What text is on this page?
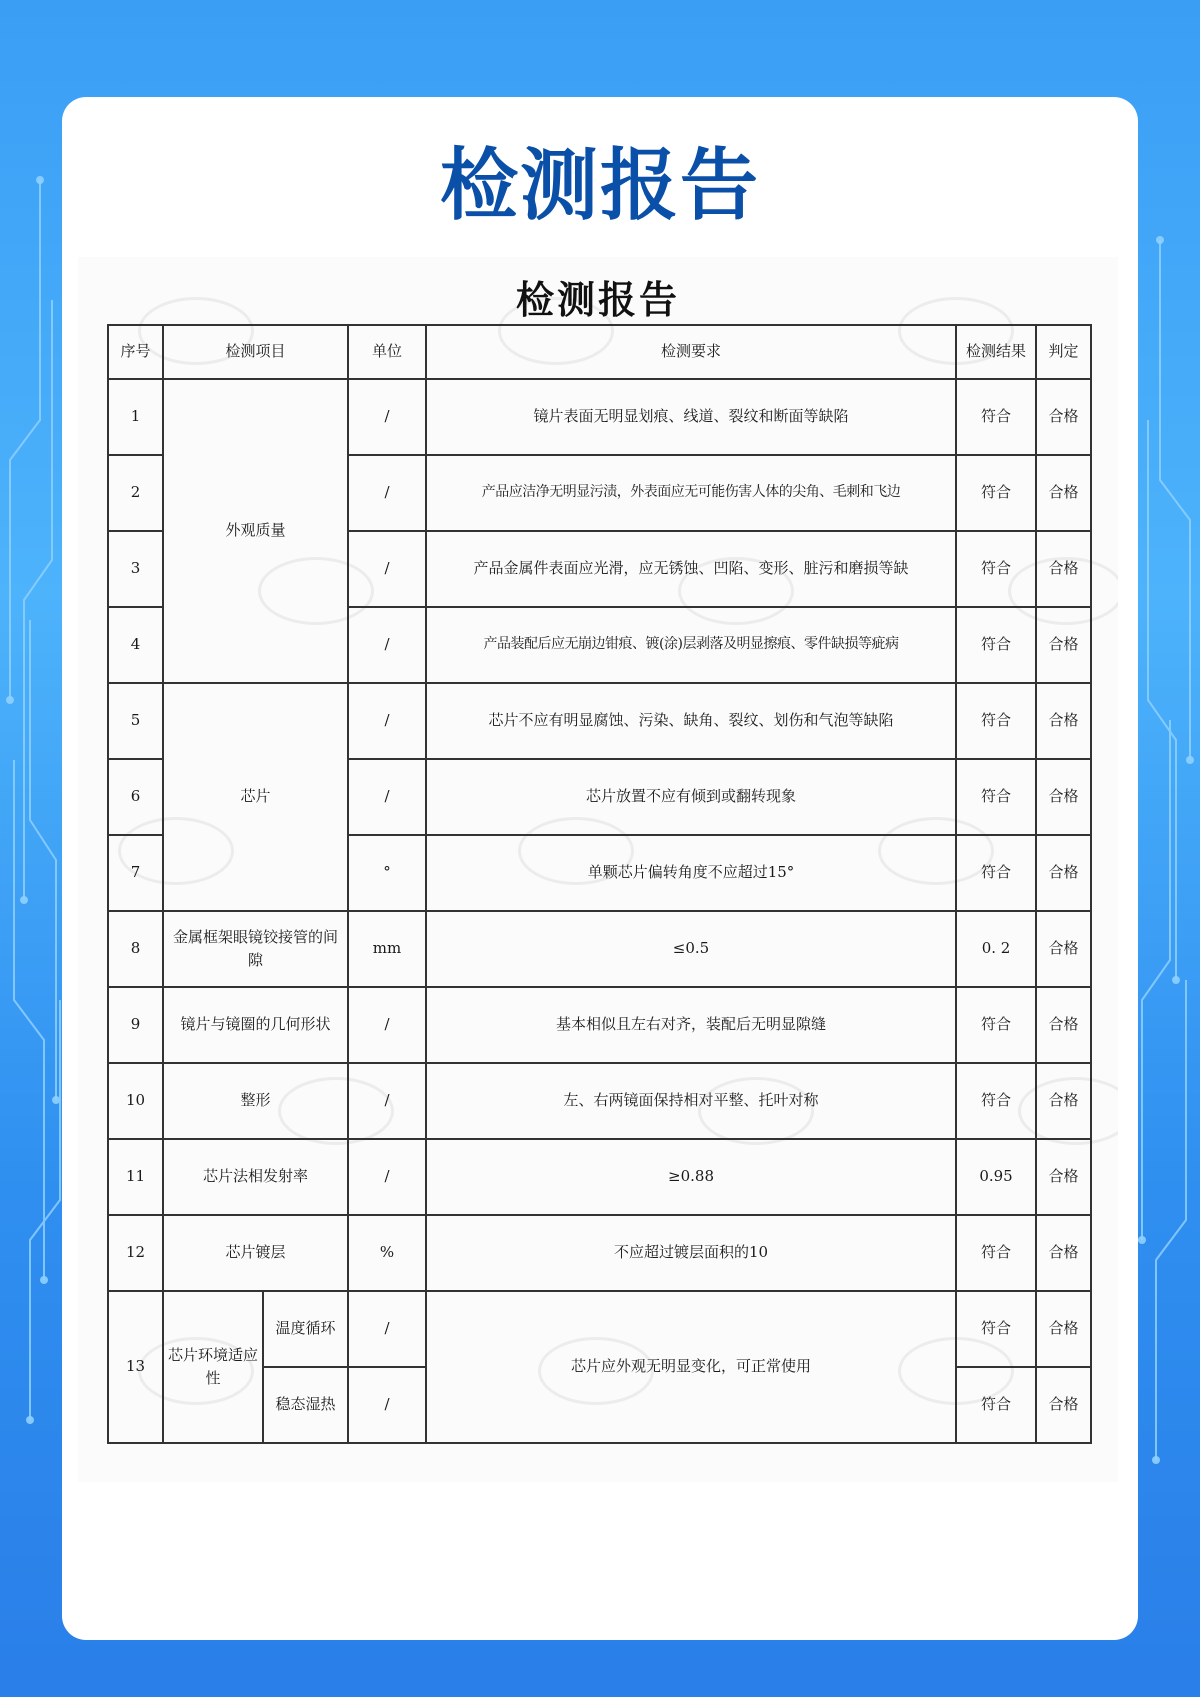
检测报告
检测报告
序号	检测项目		单位	检测要求	检测结果	判定
1	外观质量		/	镜片表面无明显划痕、线道、裂纹和断面等缺陷	符合	合格
2			/	产品应洁净无明显污渍，外表面应无可能伤害人体的尖角、毛刺和飞边	符合	合格
3			/	产品金属件表面应光滑，应无锈蚀、凹陷、变形、脏污和磨损等缺	符合	合格
4			/	产品装配后应无崩边钳痕、镀(涂)层剥落及明显擦痕、零件缺损等疵病	符合	合格
5	芯片		/	芯片不应有明显腐蚀、污染、缺角、裂纹、划伤和气泡等缺陷	符合	合格
6			/	芯片放置不应有倾到或翻转现象	符合	合格
7			°	单颗芯片偏转角度不应超过15°	符合	合格
8	金属框架眼镜铰接管的间隙		mm	≤0.5	0. 2	合格
9	镜片与镜圈的几何形状		/	基本相似且左右对齐，装配后无明显隙缝	符合	合格
10	整形		/	左、右两镜面保持相对平整、托叶对称	符合	合格
11	芯片法相发射率		/	≥0.88	0.95	合格
12	芯片镀层		%	不应超过镀层面积的10	符合	合格
13	芯片环境适应性	温度循环	/	芯片应外观无明显变化，可正常使用	符合	合格
		稳态湿热	/		符合	合格
